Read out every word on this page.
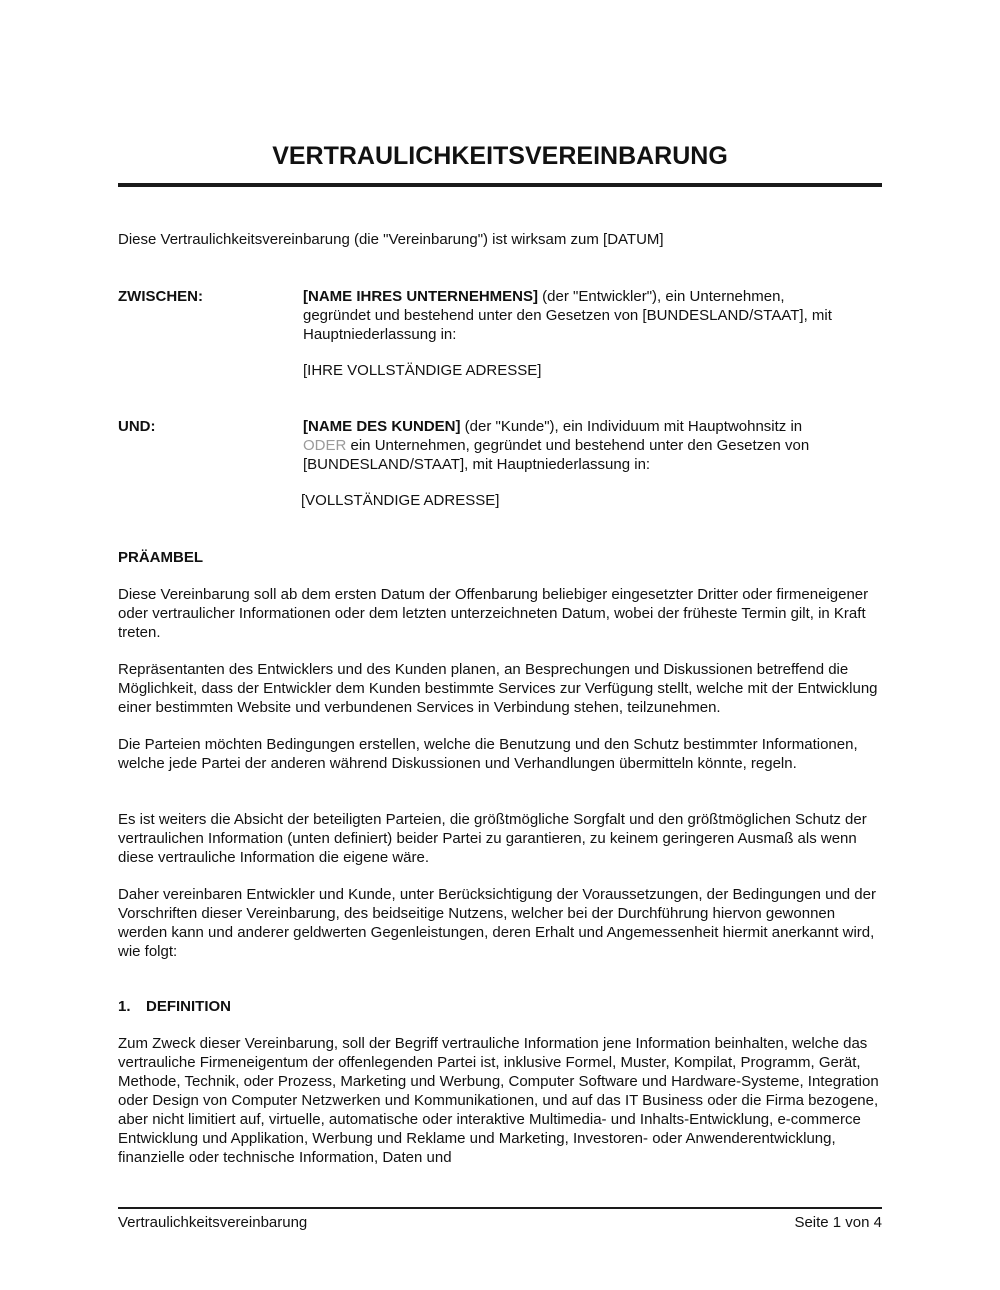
VERTRAULICHKEITSVEREINBARUNG
Diese Vertraulichkeitsvereinbarung (die "Vereinbarung") ist wirksam zum [DATUM]
ZWISCHEN:	[NAME IHRES UNTERNEHMENS] (der "Entwickler"), ein Unternehmen,
gegründet und bestehend unter den Gesetzen von [BUNDESLAND/STAAT], mit
Hauptniederlassung in:
[IHRE VOLLSTÄNDIGE ADRESSE]
UND:	[NAME DES KUNDEN] (der "Kunde"), ein Individuum mit Hauptwohnsitz in
ODER ein Unternehmen, gegründet und bestehend unter den Gesetzen von
[BUNDESLAND/STAAT], mit Hauptniederlassung in:
[VOLLSTÄNDIGE ADRESSE]
PRÄAMBEL
Diese Vereinbarung soll ab dem ersten Datum der Offenbarung beliebiger eingesetzter Dritter oder firmeneigener oder vertraulicher Informationen oder dem letzten unterzeichneten Datum, wobei der früheste Termin gilt, in Kraft treten.
Repräsentanten des Entwicklers und des Kunden planen, an Besprechungen und Diskussionen betreffend die Möglichkeit, dass der Entwickler dem Kunden bestimmte Services zur Verfügung stellt, welche mit der Entwicklung einer bestimmten Website und verbundenen Services in Verbindung stehen, teilzunehmen.
Die Parteien möchten Bedingungen erstellen, welche die Benutzung und den Schutz bestimmter Informationen, welche jede Partei der anderen während Diskussionen und Verhandlungen übermitteln könnte, regeln.
Es ist weiters die Absicht der beteiligten Parteien, die größtmögliche Sorgfalt und den größtmöglichen Schutz der vertraulichen Information (unten definiert) beider Partei zu garantieren, zu keinem geringeren Ausmaß als wenn diese vertrauliche Information die eigene wäre.
Daher vereinbaren Entwickler und Kunde, unter Berücksichtigung der Voraussetzungen, der Bedingungen und der Vorschriften dieser Vereinbarung, des beidseitige Nutzens, welcher bei der Durchführung hiervon gewonnen werden kann und anderer geldwerten Gegenleistungen, deren Erhalt und Angemessenheit hiermit anerkannt wird, wie folgt:
1. DEFINITION
Zum Zweck dieser Vereinbarung, soll der Begriff vertrauliche Information jene Information beinhalten, welche das vertrauliche Firmeneigentum der offenlegenden Partei ist, inklusive Formel, Muster, Kompilat, Programm, Gerät, Methode, Technik, oder Prozess, Marketing und Werbung, Computer Software und Hardware-Systeme, Integration oder Design von Computer Netzwerken und Kommunikationen, und auf das IT Business oder die Firma bezogene, aber nicht limitiert auf, virtuelle, automatische oder interaktive Multimedia- und Inhalts-Entwicklung, e-commerce Entwicklung und Applikation, Werbung und Reklame und Marketing, Investoren- oder Anwenderentwicklung, finanzielle oder technische Information, Daten und
Vertraulichkeitsvereinbarung	Seite 1 von 4
